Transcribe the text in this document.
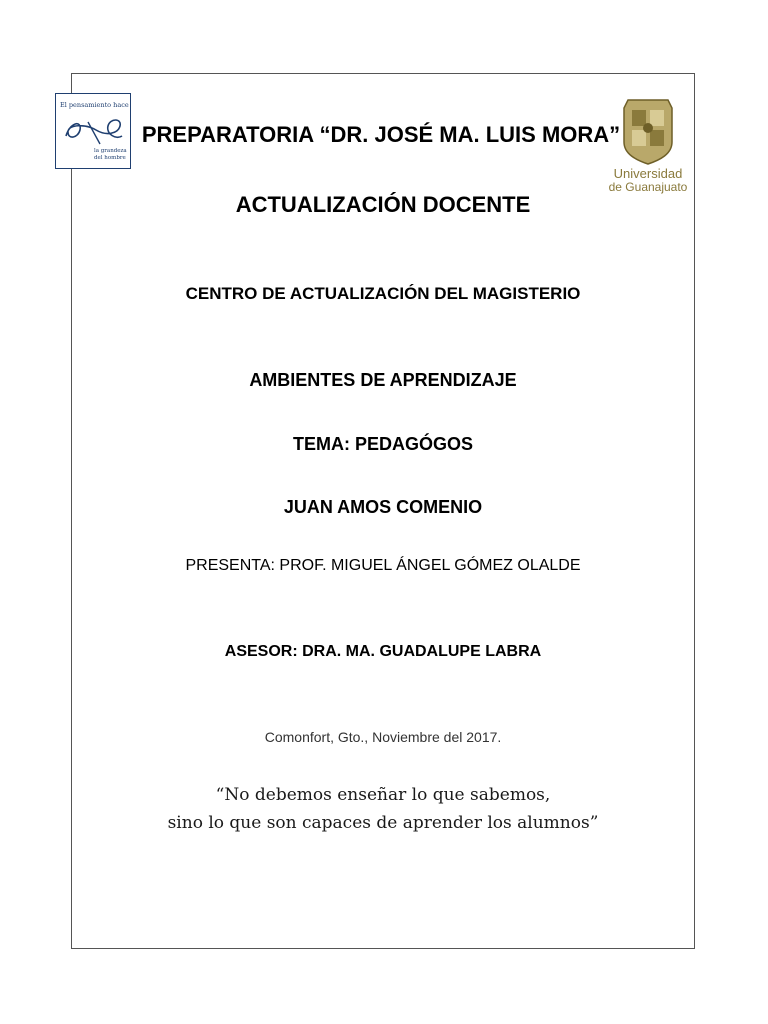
El pensamiento hace
la grandeza
del hombre
Universidad
de Guanajuato
PREPARATORIA “DR. JOSÉ MA. LUIS MORA”
ACTUALIZACIÓN DOCENTE
CENTRO DE ACTUALIZACIÓN DEL MAGISTERIO
AMBIENTES DE APRENDIZAJE
TEMA: PEDAGÓGOS
JUAN AMOS COMENIO
PRESENTA: PROF. MIGUEL ÁNGEL GÓMEZ OLALDE
ASESOR: DRA. MA. GUADALUPE LABRA
Comonfort, Gto., Noviembre del 2017.
“No debemos enseñar lo que sabemos,
sino lo que son capaces de aprender los alumnos”
